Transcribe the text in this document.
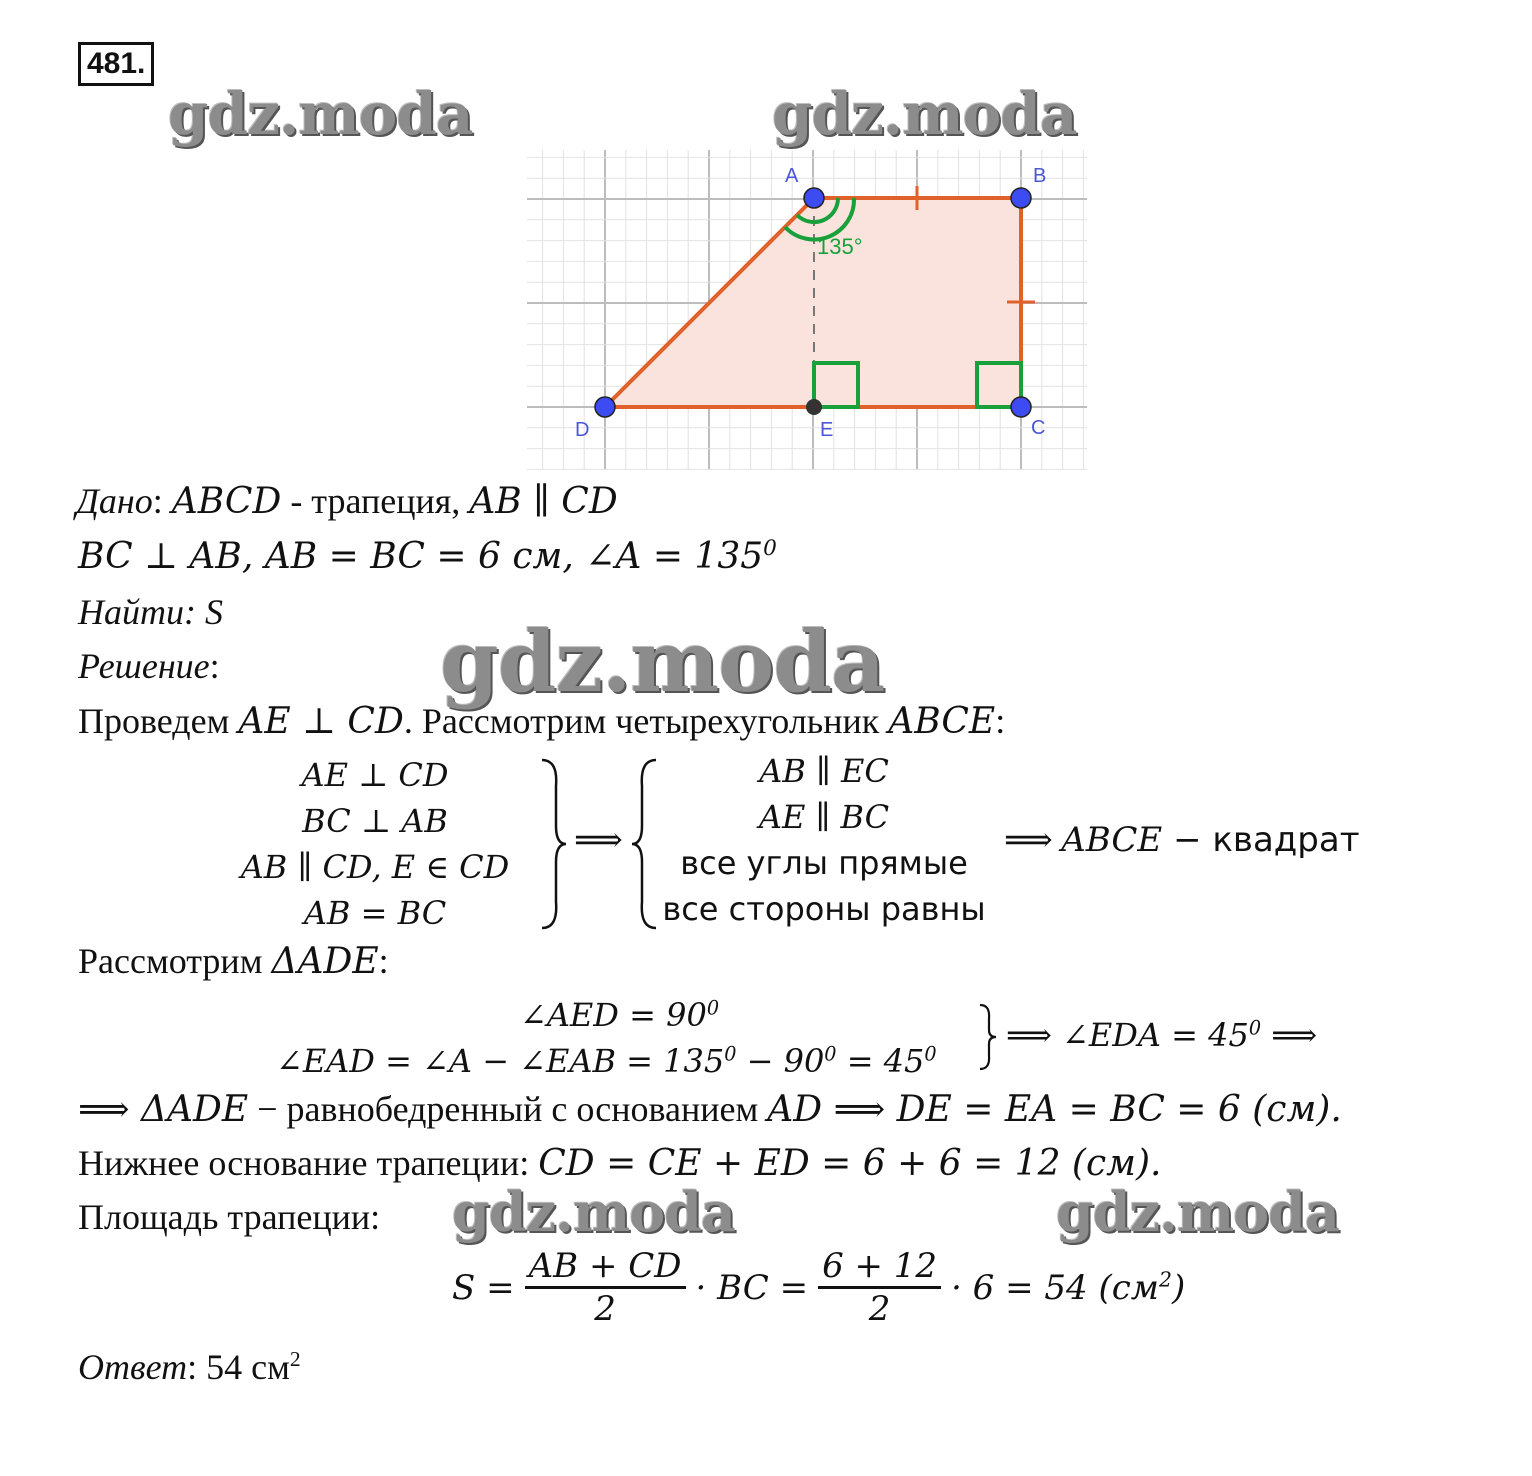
481.
gdz.moda	gdz.moda
gdz.moda
gdz.moda	gdz.moda
135°
A	B
C
D	E
Дано: ABCD - трапеция, AB ∥ CD
BC ⊥ AB, AB = BC = 6 см, ∠A = $135^0$
Найти: S
Решение:
Проведем AE ⊥ CD. Рассмотрим четырехугольник ABCE:
AE ⊥ CD
BC ⊥ AB
AB ∥ CD, E ∈ CD
AB = BC
⟹
AB ∥ EC
AE ∥ BC
все углы прямые
все стороны равны
⟹ ABCE − квадрат
Рассмотрим ΔADE:
∠AED = $90^0$
∠EAD = ∠A − ∠EAB = $135^0 - 90^0 = 45^0$ ⟹ ∠EDA = $45^0$ ⟹
⟹ ΔADE − равнобедренный с основанием AD ⟹ DE = EA = BC = 6 (см).
Нижнее основание трапеции: CD = CE + ED = 6 + 6 = 12 (см).
Площадь трапеции:
$S = \frac{AB + CD}{2}$ · BC = $\frac{6 + 12}{2} \cdot 6 = 54$ $(см^2)$
Ответ: 54 $см^2$
